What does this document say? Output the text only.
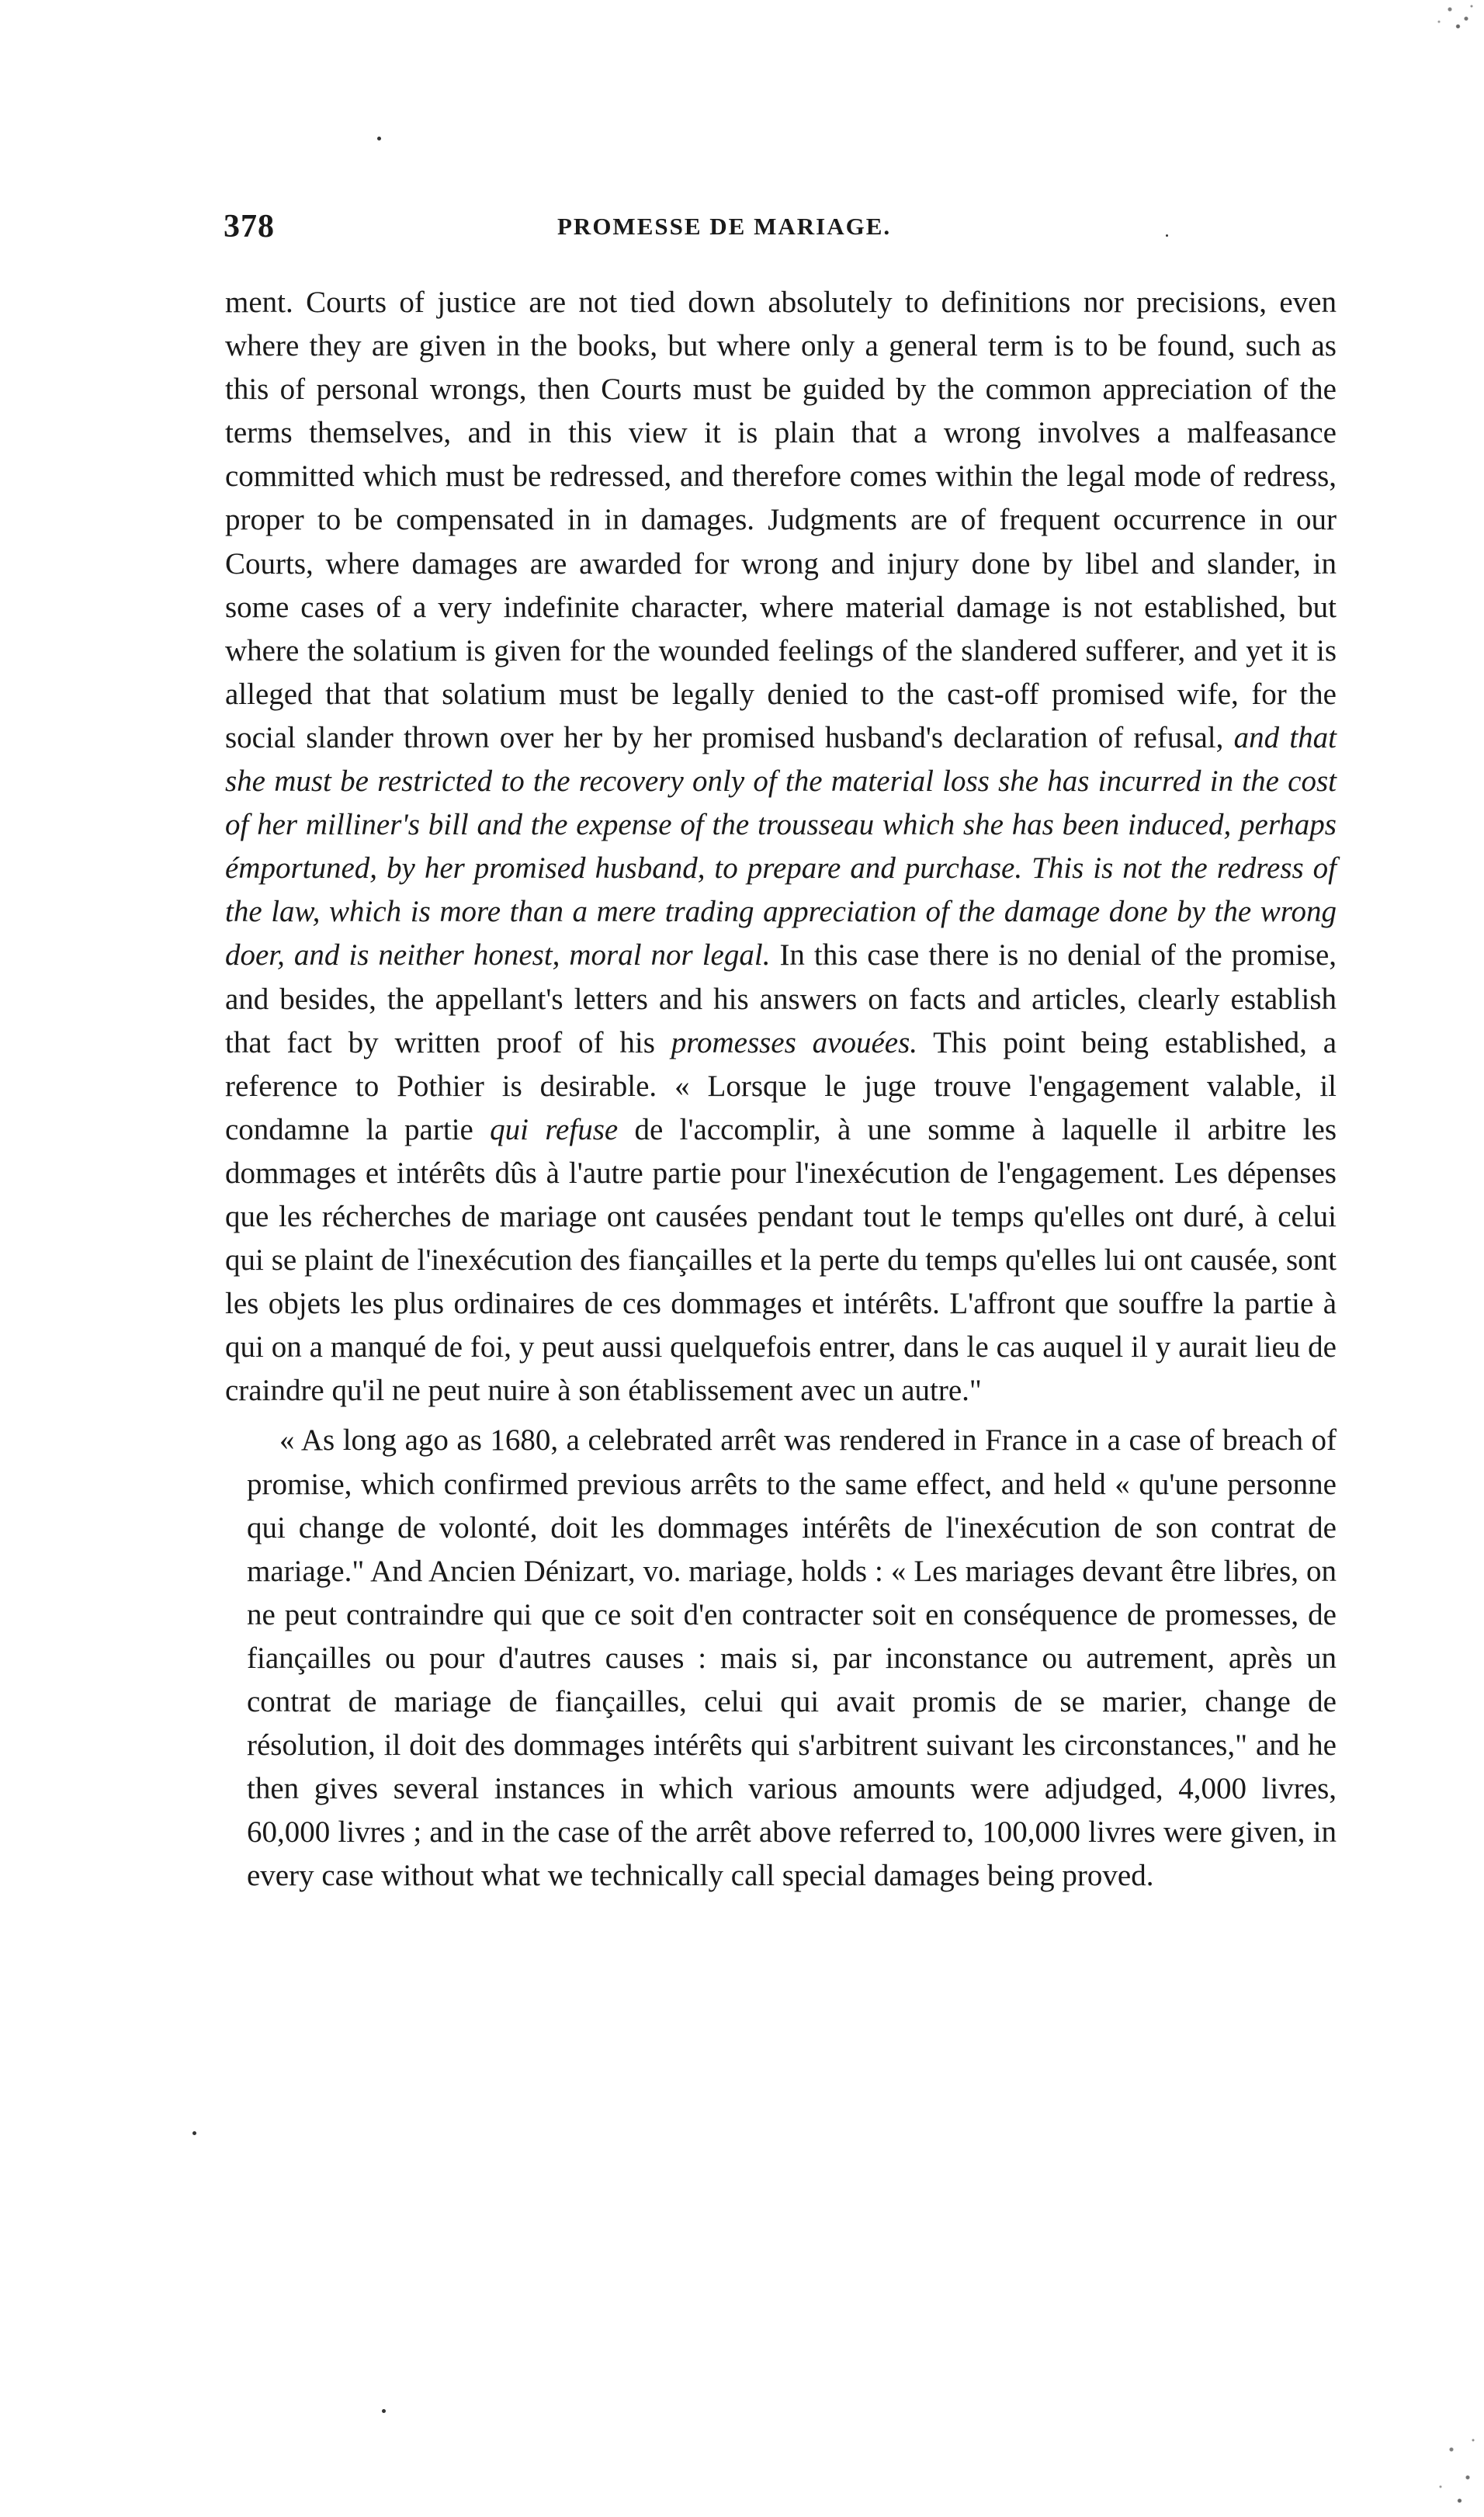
378	PROMESSE DE MARIAGE.

ment. Courts of justice are not tied down absolutely to definitions nor precisions, even where they are given in the books, but where only a general term is to be found, such as this of personal wrongs, then Courts must be guided by the common appreciation of the terms themselves, and in this view it is plain that a wrong involves a malfeasance committed which must be redressed, and therefore comes within the legal mode of redress, proper to be compensated in in damages. Judgments are of frequent occurrence in our Courts, where damages are awarded for wrong and injury done by libel and slander, in some cases of a very indefinite character, where material damage is not established, but where the solatium is given for the wounded feelings of the slandered sufferer, and yet it is alleged that that solatium must be legally denied to the cast-off promised wife, for the social slander thrown over her by her promised husband's declaration of refusal, and that she must be restricted to the recovery only of the material loss she has incurred in the cost of her milliner's bill and the expense of the trousseau which she has been induced, perhaps émportuned, by her promised husband, to prepare and purchase. This is not the redress of the law, which is more than a mere trading appreciation of the damage done by the wrong doer, and is neither honest, moral nor legal. In this case there is no denial of the promise, and besides, the appellant's letters and his answers on facts and articles, clearly establish that fact by written proof of his promesses avouées. This point being established, a reference to Pothier is desirable. « Lorsque le juge trouve l'engagement valable, il condamne la partie qui refuse de l'accomplir, à une somme à laquelle il arbitre les dommages et intérêts dûs à l'autre partie pour l'inexécution de l'engagement. Les dépenses que les récherches de mariage ont causées pendant tout le temps qu'elles ont duré, à celui qui se plaint de l'inexécution des fiançailles et la perte du temps qu'elles lui ont causée, sont les objets les plus ordinaires de ces dommages et intérêts. L'affront que souffre la partie à qui on a manqué de foi, y peut aussi quelquefois entrer, dans le cas auquel il y aurait lieu de craindre qu'il ne peut nuire à son établissement avec un autre."

« As long ago as 1680, a celebrated arrêt was rendered in France in a case of breach of promise, which confirmed previous arrêts to the same effect, and held « qu'une personne qui change de volonté, doit les dommages intérêts de l'inexécution de son contrat de mariage." And Ancien Dénizart, vo. mariage, holds : « Les mariages devant être libres, on ne peut contraindre qui que ce soit d'en contracter soit en conséquence de promesses, de fiançailles ou pour d'autres causes : mais si, par inconstance ou autrement, après un contrat de mariage de fiançailles, celui qui avait promis de se marier, change de résolution, il doit des dommages intérêts qui s'arbitrent suivant les circonstances," and he then gives several instances in which various amounts were adjudged, 4,000 livres, 60,000 livres ; and in the case of the arrêt above referred to, 100,000 livres were given, in every case without what we technically call special damages being proved.
